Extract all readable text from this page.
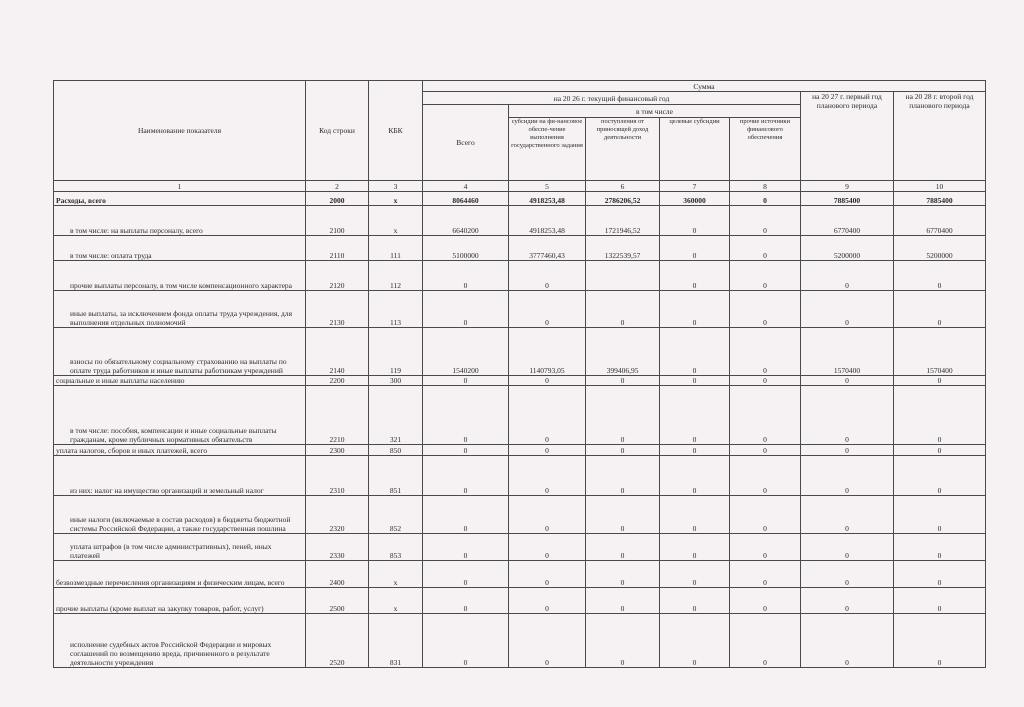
Наименование показателя	Код строки	КБК	Сумма						
			на 20 26 г. текущий финансовый год					на 20 27 г. первый год планового периода	на 20 28 г. второй год планового периода
			Всего	в том числе					
				субсидии на фи-нансовое обеспе-чение выполнения государственного задания	поступления от приносящей доход деятельности	целевые субсидии	прочие источники финансового обеспечения		
1	2	3	4	5	6	7	8	9	10
Расходы, всего	2000	x	8064460	4918253,48	2786206,52	360000	0	7885400	7885400
в том числе: на выплаты персоналу, всего	2100	x	6640200	4918253,48	1721946,52	0	0	6770400	6770400
в том числе: оплата труда	2110	111	5100000	3777460,43	1322539,57	0	0	5200000	5200000
прочие выплаты персоналу, в том числе компенсационного характера	2120	112	0	0		0	0	0	0
иные выплаты, за исключением фонда оплаты труда учреждения, для выполнения отдельных полномочий	2130	113	0	0	0	0	0	0	0
взносы по обязательному социальному страхованию на выплаты по оплате труда работников и иные выплаты работникам учреждений	2140	119	1540200	1140793,05	399406,95	0	0	1570400	1570400
социальные и иные выплаты населению	2200	300	0	0	0	0	0	0	0
в том числе: пособия, компенсации и иные социальные выплаты гражданам, кроме публичных нормативных обязательств	2210	321	0	0	0	0	0	0	0
уплата налогов, сборов и иных платежей, всего	2300	850	0	0	0	0	0	0	0
из них: налог на имущество организаций и земельный налог	2310	851	0	0	0	0	0	0	0
иные налоги (включаемые в состав расходов) в бюджеты бюджетной системы Российской Федерации, а также государственная пошлина	2320	852	0	0	0	0	0	0	0
уплата штрафов (в том числе административных), пеней, иных платежей	2330	853	0	0	0	0	0	0	0
безвозмездные перечисления организациям и физическим лицам, всего	2400	x	0	0	0	0	0	0	0
прочие выплаты (кроме выплат на закупку товаров, работ, услуг)	2500	x	0	0	0	0	0	0	0
исполнение судебных актов Российской Федерации и мировых соглашений по возмещению вреда, причиненного в результате деятельности учреждения	2520	831	0	0	0	0	0	0	0
